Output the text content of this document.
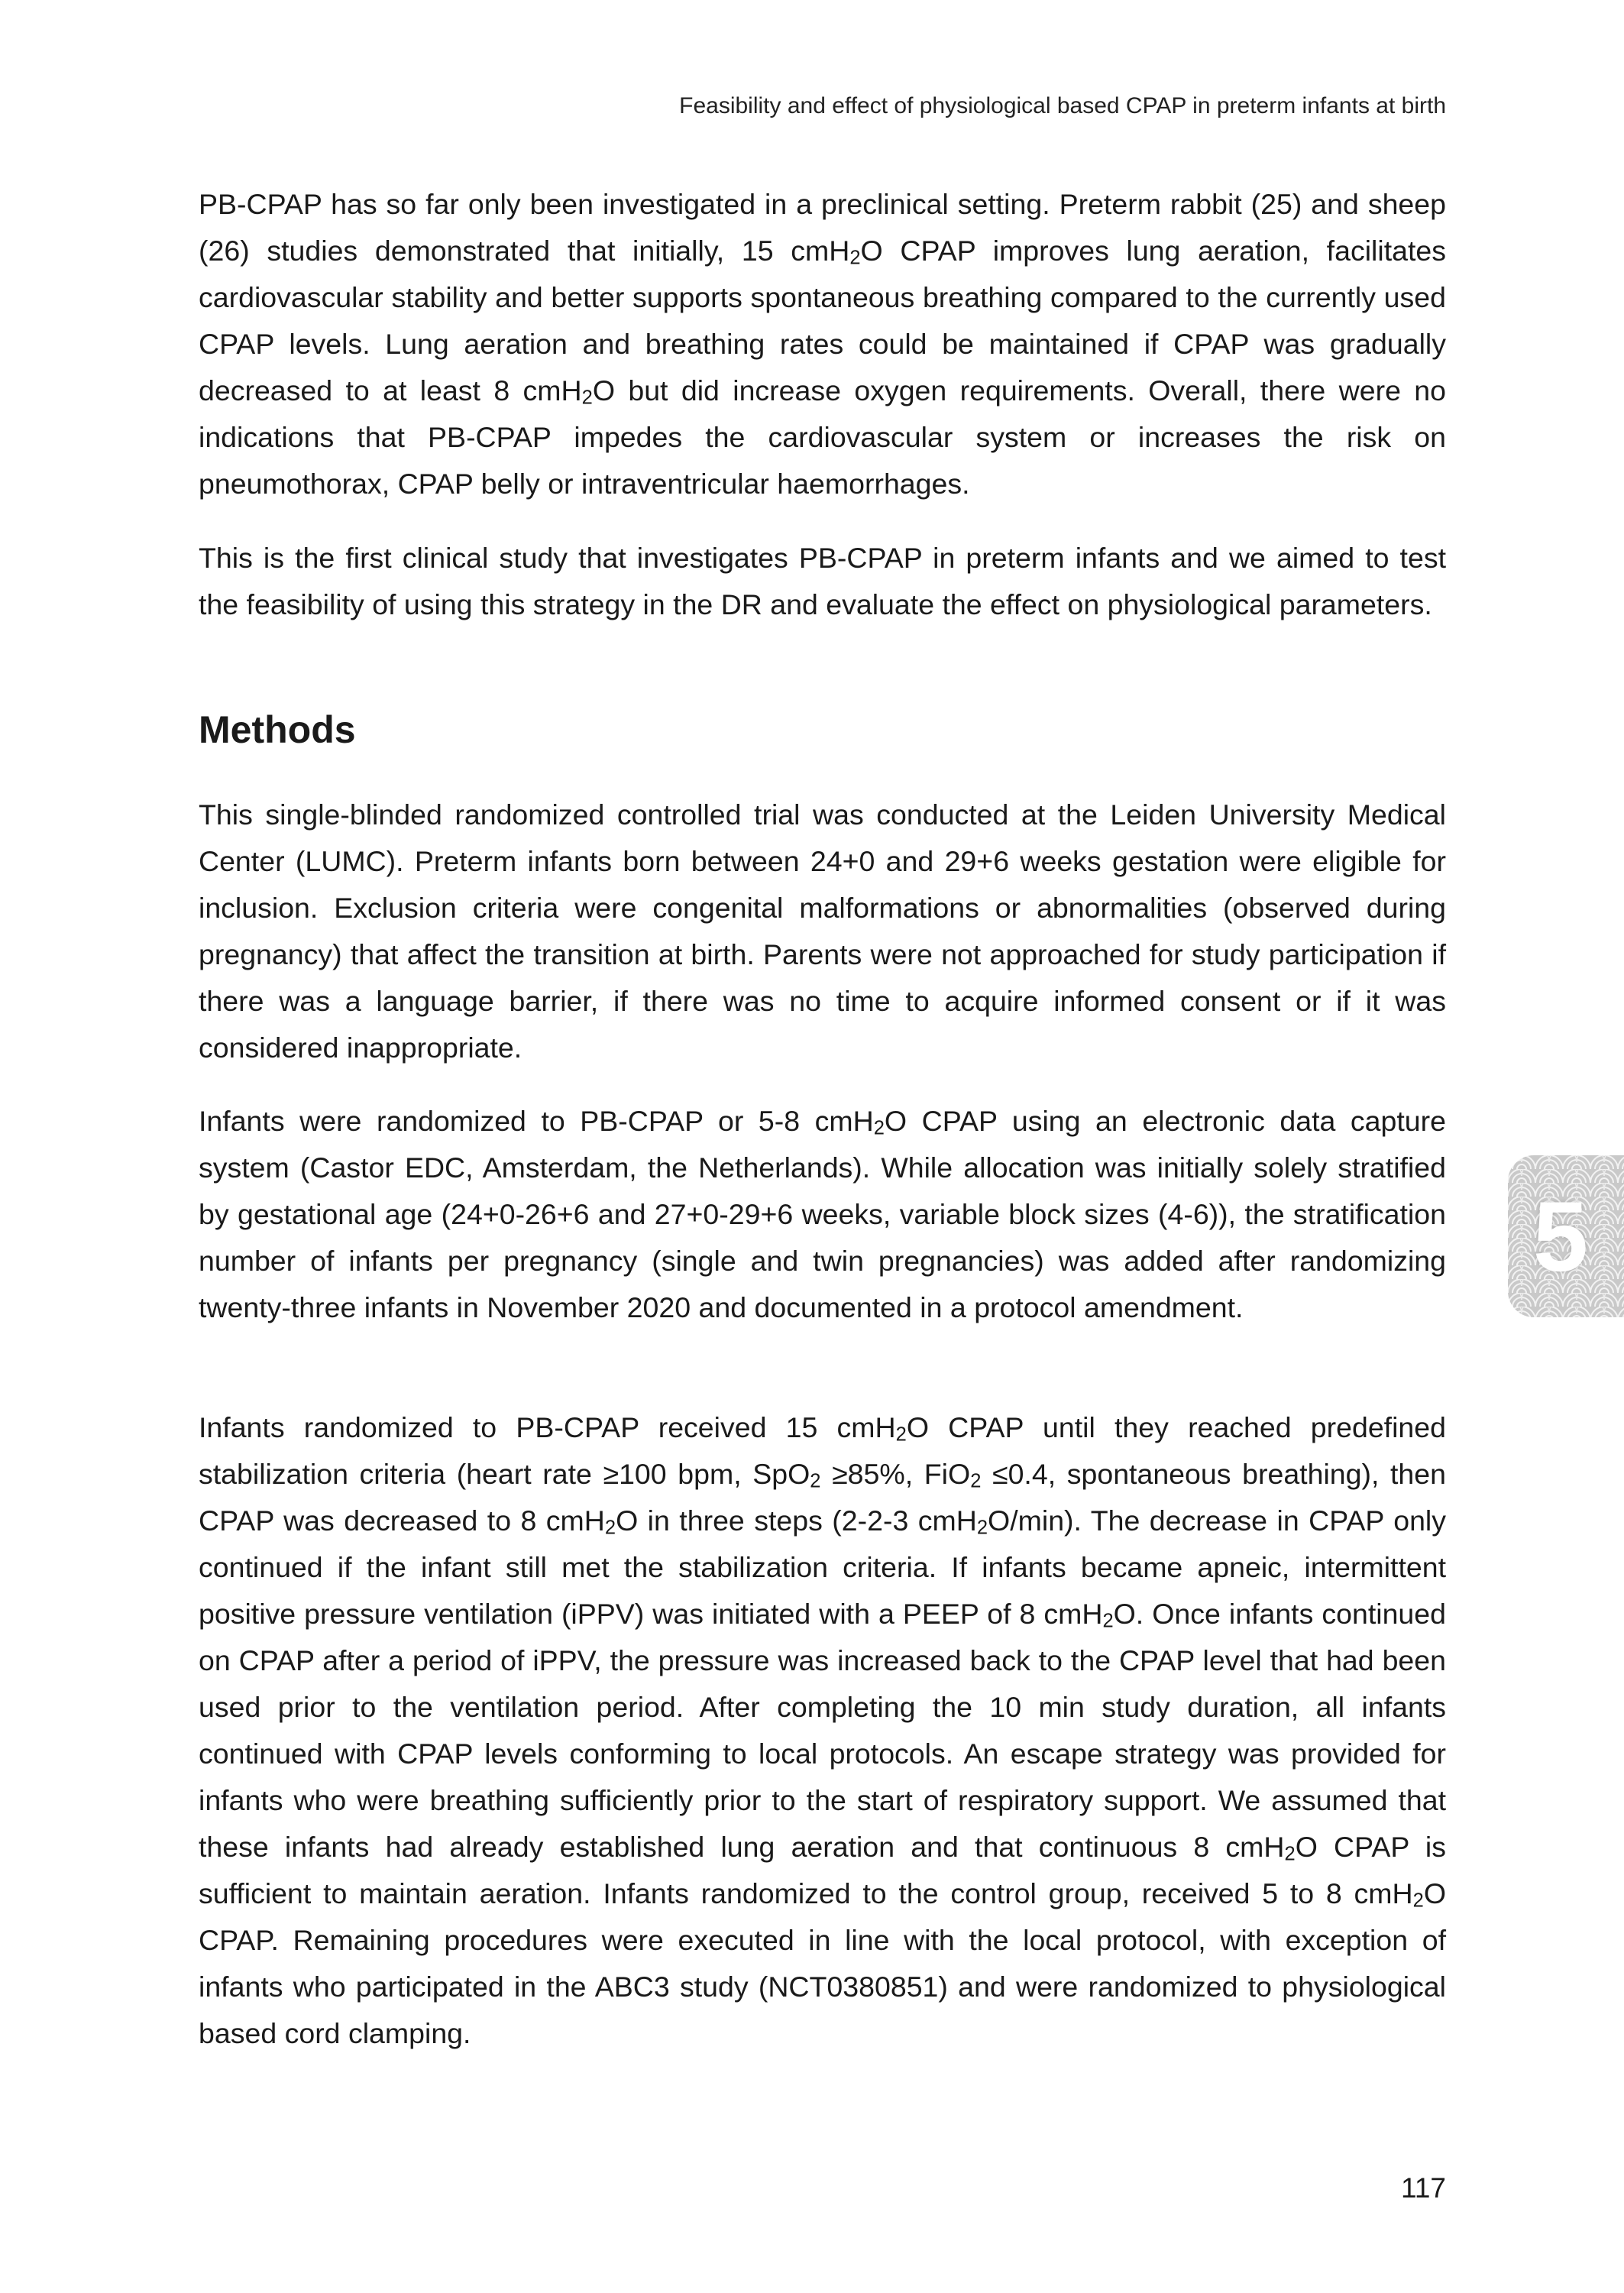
Feasibility and effect of physiological based CPAP in preterm infants at birth

PB-CPAP has so far only been investigated in a preclinical setting. Preterm rabbit (25) and sheep (26) studies demonstrated that initially, 15 cmH$_2$O CPAP improves lung aeration, facilitates cardiovascular stability and better supports spontaneous breathing compared to the currently used CPAP levels. Lung aeration and breathing rates could be maintained if CPAP was gradually decreased to at least 8 cmH$_2$O but did increase oxygen requirements. Overall, there were no indications that PB-CPAP impedes the cardiovascular system or increases the risk on pneumothorax, CPAP belly or intraventricular haemorrhages.

This is the first clinical study that investigates PB-CPAP in preterm infants and we aimed to test the feasibility of using this strategy in the DR and evaluate the effect on physiological parameters.

Methods

This single-blinded randomized controlled trial was conducted at the Leiden University Medical Center (LUMC). Preterm infants born between 24+0 and 29+6 weeks gestation were eligible for inclusion. Exclusion criteria were congenital malformations or abnormalities (observed during pregnancy) that affect the transition at birth. Parents were not approached for study participation if there was a language barrier, if there was no time to acquire informed consent or if it was considered inappropriate.

Infants were randomized to PB-CPAP or 5-8 cmH$_2$O CPAP using an electronic data capture system (Castor EDC, Amsterdam, the Netherlands). While allocation was initially solely stratified by gestational age (24+0-26+6 and 27+0-29+6 weeks, variable block sizes (4-6)), the stratification number of infants per pregnancy (single and twin pregnancies) was added after randomizing twenty-three infants in November 2020 and documented in a protocol amendment.

Infants randomized to PB-CPAP received 15 cmH$_2$O CPAP until they reached predefined stabilization criteria (heart rate ≥100 bpm, SpO$_2$ ≥85%, FiO$_2$ ≤0.4, spontaneous breathing), then CPAP was decreased to 8 cmH$_2$O in three steps (2-2-3 cmH$_2$O/min). The decrease in CPAP only continued if the infant still met the stabilization criteria. If infants became apneic, intermittent positive pressure ventilation (iPPV) was initiated with a PEEP of 8 cmH$_2$O. Once infants continued on CPAP after a period of iPPV, the pressure was increased back to the CPAP level that had been used prior to the ventilation period. After completing the 10 min study duration, all infants continued with CPAP levels conforming to local protocols. An escape strategy was provided for infants who were breathing sufficiently prior to the start of respiratory support. We assumed that these infants had already established lung aeration and that continuous 8 cmH$_2$O CPAP is sufficient to maintain aeration. Infants randomized to the control group, received 5 to 8 cmH$_2$O CPAP. Remaining procedures were executed in line with the local protocol, with exception of infants who participated in the ABC3 study (NCT0380851) and were randomized to physiological based cord clamping.

5
117
